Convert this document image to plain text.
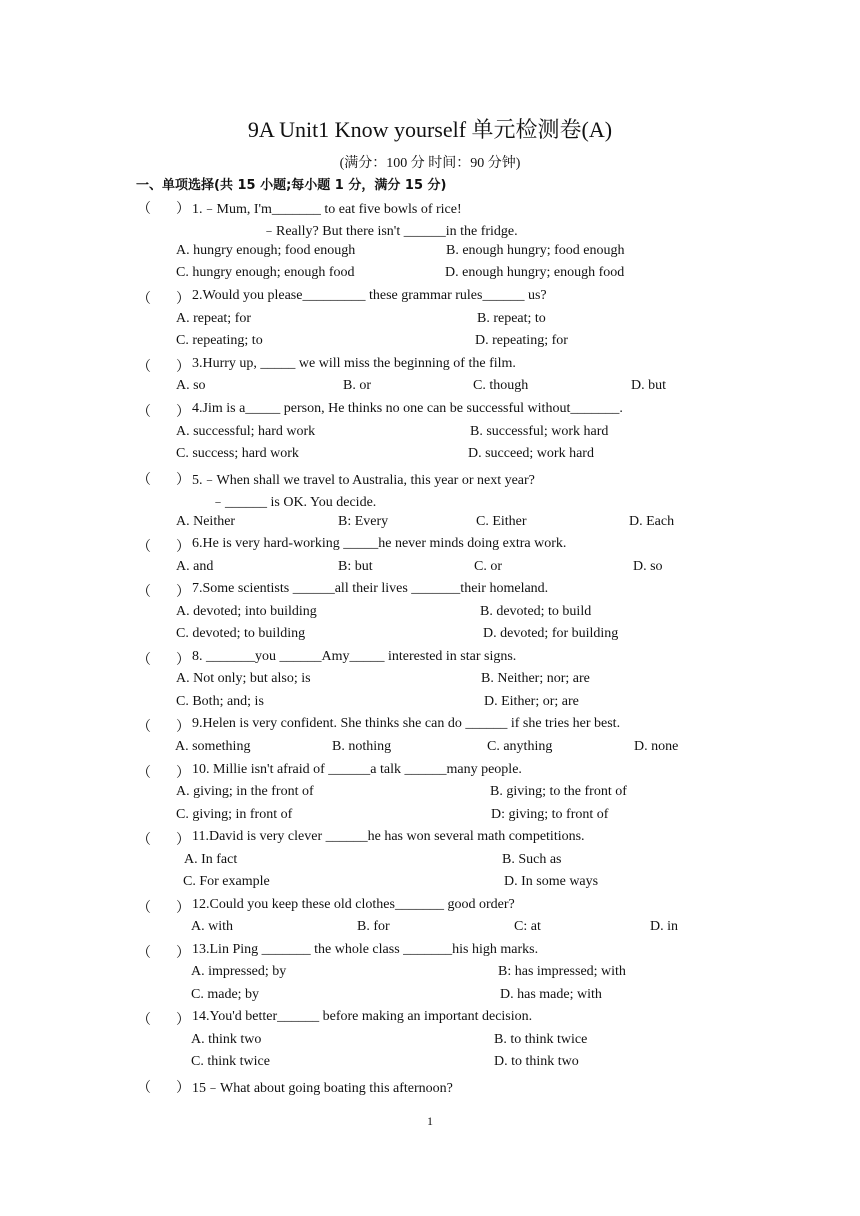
9A Unit1 Know yourself 单元检测卷(A)
(满分：100 分 时间：90 分钟)
一、单项选择(共 15 小题;每小题 1 分，满分 15 分)
（ ） 1.﹣Mum, I'm_______ to eat five bowls of rice!
﹣Really? But there isn't ______in the fridge.
A. hungry enough; food enough	B. enough hungry; food enough
C. hungry enough; enough food	D. enough hungry; enough food
（ ） 2.Would you please_________ these grammar rules______ us?
A. repeat; for	B. repeat; to
C. repeating; to	D. repeating; for
（ ） 3.Hurry up, _____ we will miss the beginning of the film.
A. so	B. or	C. though	D. but
（ ） 4.Jim is a_____ person, He thinks no one can be successful without_______.
A. successful; hard work	B. successful; work hard
C. success; hard work	D. succeed; work hard
（ ） 5.﹣When shall we travel to Australia, this year or next year?
﹣______ is OK. You decide.
A. Neither	B: Every	C. Either	D. Each
（ ） 6.He is very hard-working _____he never minds doing extra work.
A. and	B: but	C. or	D. so
（ ） 7.Some scientists ______all their lives _______their homeland.
A. devoted; into building	B. devoted; to build
C. devoted; to building	D. devoted; for building
（ ） 8. _______you ______Amy_____ interested in star signs.
A. Not only; but also; is	B. Neither; nor; are
C. Both; and; is	D. Either; or; are
（ ） 9.Helen is very confident. She thinks she can do ______ if she tries her best.
A. something	B. nothing	C. anything	D. none
（ ） 10. Millie isn't afraid of ______a talk ______many people.
A. giving; in the front of	B. giving; to the front of
C. giving; in front of	D: giving; to front of
（ ） 11.David is very clever ______he has won several math competitions.
A. In fact	B. Such as
C. For example	D. In some ways
（ ） 12.Could you keep these old clothes_______ good order?
A. with	B. for	C: at	D. in
（ ） 13.Lin Ping _______ the whole class _______his high marks.
A. impressed; by	B: has impressed; with
C. made; by	D. has made; with
（ ） 14.You'd better______ before making an important decision.
A. think two	B. to think twice
C. think twice	D. to think two
（ ） 15﹣What about going boating this afternoon?
1
